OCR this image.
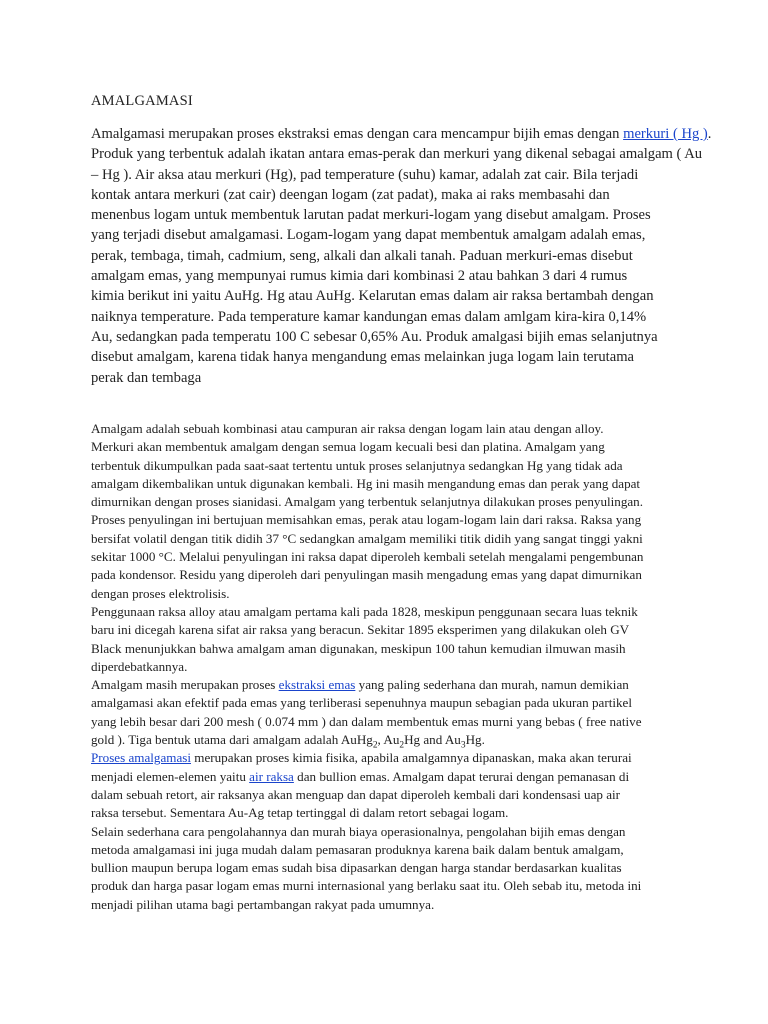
AMALGAMASI
Amalgamasi merupakan proses ekstraksi emas dengan cara mencampur bijih emas dengan merkuri ( Hg ).
Produk yang terbentuk adalah ikatan antara emas-perak dan merkuri yang dikenal sebagai amalgam ( Au
– Hg ). Air aksa atau merkuri (Hg), pad temperature (suhu) kamar, adalah zat cair. Bila terjadi
kontak antara merkuri (zat cair) deengan logam (zat padat), maka ai raks membasahi dan
menenbus logam untuk membentuk larutan padat merkuri-logam yang disebut amalgam. Proses
yang terjadi disebut amalgamasi. Logam-logam yang dapat membentuk amalgam adalah emas,
perak, tembaga, timah, cadmium, seng, alkali dan alkali tanah. Paduan merkuri-emas disebut
amalgam emas, yang mempunyai rumus kimia dari kombinasi 2 atau bahkan 3 dari 4 rumus
kimia berikut ini yaitu AuHg. Hg atau AuHg. Kelarutan emas dalam air raksa bertambah dengan
naiknya temperature. Pada temperature kamar kandungan emas dalam amlgam kira-kira 0,14%
Au, sedangkan pada temperatu 100 C sebesar 0,65% Au. Produk amalgasi bijih emas selanjutnya
disebut amalgam, karena tidak hanya mengandung emas melainkan juga logam lain terutama
perak dan tembaga
Amalgam adalah sebuah kombinasi atau campuran air raksa dengan logam lain atau dengan alloy.
Merkuri akan membentuk amalgam dengan semua logam kecuali besi dan platina. Amalgam yang
terbentuk dikumpulkan pada saat-saat tertentu untuk proses selanjutnya sedangkan Hg yang tidak ada
amalgam dikembalikan untuk digunakan kembali. Hg ini masih mengandung emas dan perak yang dapat
dimurnikan dengan proses sianidasi. Amalgam yang terbentuk selanjutnya dilakukan proses penyulingan.
Proses penyulingan ini bertujuan memisahkan emas, perak atau logam-logam lain dari raksa. Raksa yang
bersifat volatil dengan titik didih 37 °C sedangkan amalgam memiliki titik didih yang sangat tinggi yakni
sekitar 1000 °C. Melalui penyulingan ini raksa dapat diperoleh kembali setelah mengalami pengembunan
pada kondensor. Residu yang diperoleh dari penyulingan masih mengadung emas yang dapat dimurnikan
dengan proses elektrolisis.
Penggunaan raksa alloy atau amalgam pertama kali pada 1828, meskipun penggunaan secara luas teknik
baru ini dicegah karena sifat air raksa yang beracun. Sekitar 1895 eksperimen yang dilakukan oleh GV
Black menunjukkan bahwa amalgam aman digunakan, meskipun 100 tahun kemudian ilmuwan masih
diperdebatkannya.
Amalgam masih merupakan proses ekstraksi emas yang paling sederhana dan murah, namun demikian
amalgamasi akan efektif pada emas yang terliberasi sepenuhnya maupun sebagian pada ukuran partikel
yang lebih besar dari 200 mesh ( 0.074 mm ) dan dalam membentuk emas murni yang bebas ( free native
gold ). Tiga bentuk utama dari amalgam adalah AuHg$_2$, $Au_2Hg$ and $Au_3Hg$.
Proses amalgamasi merupakan proses kimia fisika, apabila amalgamnya dipanaskan, maka akan terurai
menjadi elemen-elemen yaitu air raksa dan bullion emas. Amalgam dapat terurai dengan pemanasan di
dalam sebuah retort, air raksanya akan menguap dan dapat diperoleh kembali dari kondensasi uap air
raksa tersebut. Sementara Au-Ag tetap tertinggal di dalam retort sebagai logam.
Selain sederhana cara pengolahannya dan murah biaya operasionalnya, pengolahan bijih emas dengan
metoda amalgamasi ini juga mudah dalam pemasaran produknya karena baik dalam bentuk amalgam,
bullion maupun berupa logam emas sudah bisa dipasarkan dengan harga standar berdasarkan kualitas
produk dan harga pasar logam emas murni internasional yang berlaku saat itu. Oleh sebab itu, metoda ini
menjadi pilihan utama bagi pertambangan rakyat pada umumnya.
